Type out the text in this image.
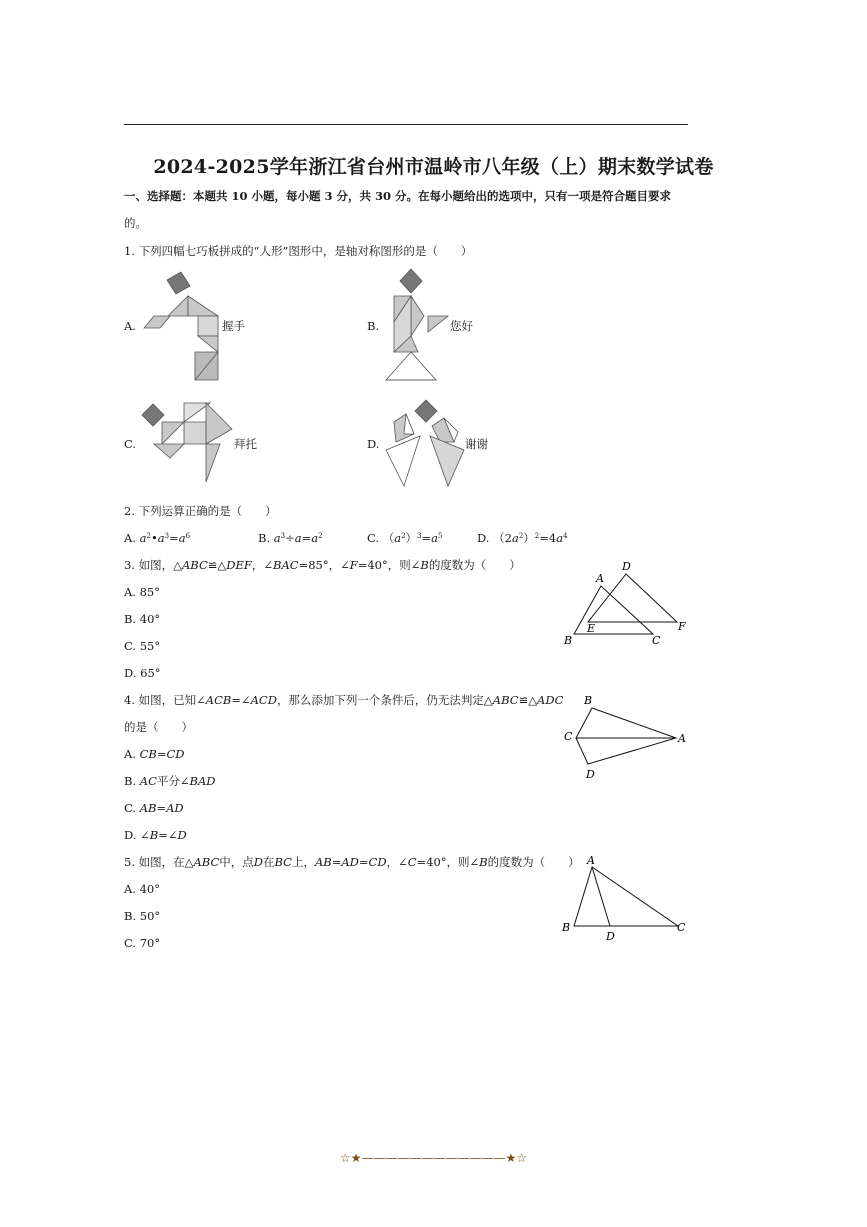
2024-2025学年浙江省台州市温岭市八年级（上）期末数学试卷
一、选择题：本题共 10 小题，每小题 3 分，共 30 分。在每小题给出的选项中，只有一项是符合题目要求
的。
1. 下列四幅七巧板拼成的“人形”图形中，是轴对称图形的是（　　）
A.	握手	B.	您好
C.	拜托	D.	谢谢
2. 下列运算正确的是（　　）
A. $a^2•a^3=a^6$	B. $a^3\div a=a^2$	C. $(a^2)^3=a^5$	D. $(2a^2)^2=4a^4$
3. 如图，△ABC≌△DEF，∠BAC=85°，∠F=40°，则∠B的度数为（　　）
A. 85°
B. 40°
C. 55°
D. 65°
A
D
E	F
B	C
4. 如图，已知∠ACB=∠ACD，那么添加下列一个条件后，仍无法判定△ABC≌△ADC
的是（　　）
A. CB=CD
B. AC平分∠BAD
C. AB=AD
D. ∠B=∠D
B
C	A
D
5. 如图，在△ABC中，点D在BC上，AB=AD=CD，∠C=40°，则∠B的度数为（　　）
A. 40°
B. 50°
C. 70°
A
B
D
C
☆★————————————★☆
